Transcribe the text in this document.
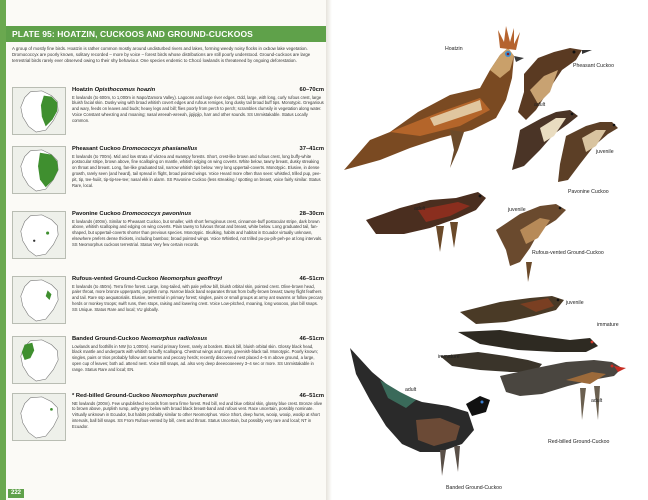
PLATE 95: HOATZIN, CUCKOOS AND GROUND-CUCKOOS
A group of mostly fine birds. Hoatzin is rather common mostly around undisturbed rivers and lakes, forming weedy noisy flocks in oxbow lake vegetation. Dromococcyx are poorly known, solitary recorded – more by voice – forest birds whose distributions are still poorly understood. Ground-cuckoos are large terrestrial birds rarely ever observed owing to their shy behaviour. One species endemic to Chocó lowlands is threatened by ongoing deforestation.
Hoatzin Opisthocomus hoazin	60–70cm
E lowlands (to 600m, to 1,000m in Napo/Zamora Valley). Lagoons and large river edges. Odd, large, with long, curly rufous crest, large bluish facial skin. Dusky wing with broad whitish covert edges and rufous remiges, long dusky tail broad buff tips. Monotypic. Gregarious and wary, feeds on leaves and buds; heavy legs and bill; flies poorly from perch to perch; scrambles clumsily in vegetation along water. Voice Constant wheezing and moaning; nasal wreeah-wreeah, jipjipjip, harr and other sounds. SS Unmistakable. Status Locally common.
Pheasant Cuckoo Dromococcyx phasianellus	37–41cm
E lowlands (to 700m). Mid and low strata of várzea and swampy forests. Short, crest-like brown and rufous crest, long buffy-white postocular stripe, brown above, fine scalloping on mantle, whitish edging on wing coverts. White below, tawny breast, dusky streaking on throat and breast. Long, fan-like graduated tail, narrow whitish tips below. Very long uppertail-coverts. Monotypic. Elusive, in dense growth, rarely seen (and heard), tail spread in flight, broad pointed wings. Voice Heard more often than seen: whistled, trilled pup, pee-pit, tip, tee-huiiit, tip-tip-tee-tee; nasal ekk in alarm. SS Pavonine Cuckoo (less streaking / spotting on breast, voice fairly similar. Status Rare, local.
Pavonine Cuckoo Dromococcyx pavoninus	28–30cm
E lowlands (400m). Similar to Pheasant Cuckoo, but smaller, with short ferruginous crest, cinnamon-buff postocular stripe, dark brown above, whitish scalloping and edging on wing coverts. Plain tawny to fulvous throat and breast, white below. Long graduated tail, fan-shaped, but uppertail-coverts shorter than previous species. Monotypic. Skulking, habits and habitat in Ecuador virtually unknown, elsewhere prefers dense thickets, including bamboo; broad pointed wings. Voice Whistled, not trilled pu-pu-pih-peh-pe at long intervals. SS Neomorphus cuckoos terrestrial. Status Very few certain records.
Rufous-vented Ground-Cuckoo Neomorphus geoffroyi	46–51cm
E lowlands (to 450m). Terra firme forest. Large, long-tailed, with pale yellow bill, bluish orbital skin, pointed crest. Olive-brown head, paler throat, more bronze upperparts, purplish rump. Narrow black band separates throat from buffy-brown breast; tawny flight feathers and tail. Rare ssp aequatorialis. Elusive, terrestrial in primary forest; singles, pairs or small groups at army ant swarms or follow peccary herds or monkey troops; swift runs, then stops, raising and lowering crest. Voice Low-pitched, moaning, long wooooo, plus bill snaps. SS Unique. Status Rare and local; VU globally.
Banded Ground-Cuckoo Neomorphus radiolosus	46–51cm
Lowlands and foothills in NW (to 1,000m). Humid primary forest, rarely at borders. Black bill, bluish orbital skin. Glossy black head, black mantle and underparts with whitish to buffy scalloping. Chestnut wings and rump, greenish-black tail. Monotypic. Poorly known; singles, pairs or trios probably follow ant swarms and peccary herds; recently discovered nest placed 4–5 m above ground, a large, open cup of leaves; both ad. attend nest. Voice Bill snaps, ad. also very deep deeeoooeeeey 3–4 sec or more. SS Unmistakable in range. Status Rare and local; EN.
* Red-billed Ground-Cuckoo Neomorphus pucheranii	46–51cm
NE lowlands (200m). Few unpublished records from terra firme forest. Red bill, red and blue orbital skin, glossy blue crest. Bronze olive to brown above, purplish rump, ashy-grey below with broad black breast-band and rufous vent. Race uncertain, possibly nominate. Virtually unknown in Ecuador, but habits probably similar to other Neomorphus. Voice Short, deep hums, wooip, wooip, woolip at short intervals, ball bill snaps. SS From Rufous-vented by bill, crest and throat. Status Uncertain, but possibly very rare and local; NT in Ecuador.
222
Hoatzin
Pheasant Cuckoo
adult
juvenile
Pavonine Cuckoo
adult	juvenile
Rufous-vented Ground-Cuckoo
juvenile
immature
immature
adult
adult
Red-billed Ground-Cuckoo
Banded Ground-Cuckoo
